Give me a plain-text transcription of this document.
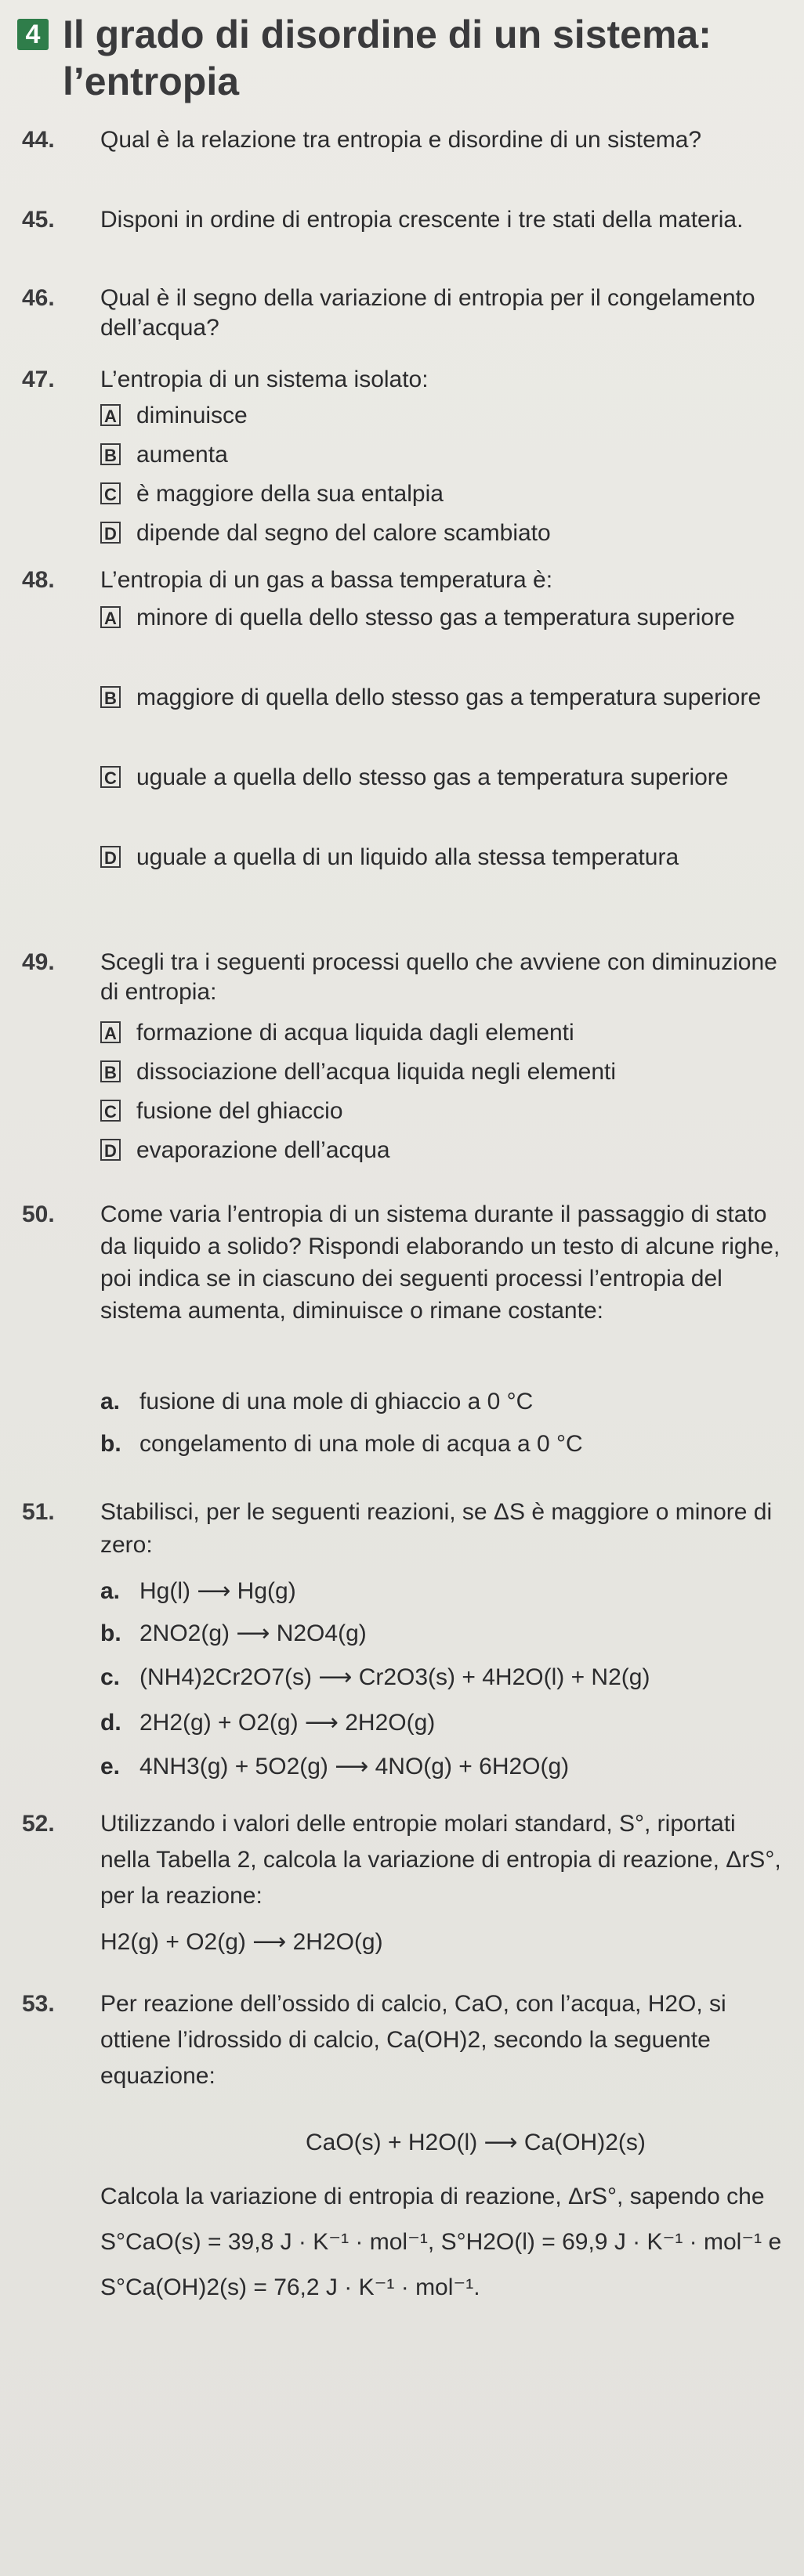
4 Il grado di disordine di un sistema: l’entropia
44. Qual è la relazione tra entropia e disordine di un sistema?
45. Disponi in ordine di entropia crescente i tre stati della materia.
46. Qual è il segno della variazione di entropia per il congelamento dell’acqua?
47. L’entropia di un sistema isolato:
A diminuisce
B aumenta
C è maggiore della sua entalpia
D dipende dal segno del calore scambiato
48. L’entropia di un gas a bassa temperatura è:
A minore di quella dello stesso gas a temperatura superiore
B maggiore di quella dello stesso gas a temperatura superiore
C uguale a quella dello stesso gas a temperatura superiore
D uguale a quella di un liquido alla stessa temperatura
49. Scegli tra i seguenti processi quello che avviene con diminuzione di entropia:
A formazione di acqua liquida dagli elementi
B dissociazione dell’acqua liquida negli elementi
C fusione del ghiaccio
D evaporazione dell’acqua
50. Come varia l’entropia di un sistema durante il passaggio di stato da liquido a solido? Rispondi elaborando un testo di alcune righe, poi indica se in ciascuno dei seguenti processi l’entropia del sistema aumenta, diminuisce o rimane costante:
a. fusione di una mole di ghiaccio a 0 °C
b. congelamento di una mole di acqua a 0 °C
51. Stabilisci, per le seguenti reazioni, se ΔS è maggiore o minore di zero:
a. Hg(l) ⟶ Hg(g)
b. 2NO2(g) ⟶ N2O4(g)
c. (NH4)2Cr2O7(s) ⟶ Cr2O3(s) + 4H2O(l) + N2(g)
d. 2H2(g) + O2(g) ⟶ 2H2O(g)
e. 4NH3(g) + 5O2(g) ⟶ 4NO(g) + 6H2O(g)
52. Utilizzando i valori delle entropie molari standard, S°, riportati nella Tabella 2, calcola la variazione di entropia di reazione, ΔrS°, per la reazione:
H2(g) + O2(g) ⟶ 2H2O(g)
53. Per reazione dell’ossido di calcio, CaO, con l’acqua, H2O, si ottiene l’idrossido di calcio, Ca(OH)2, secondo la seguente equazione:
CaO(s) + H2O(l) ⟶ Ca(OH)2(s)
Calcola la variazione di entropia di reazione, ΔrS°, sapendo che S°CaO(s) = 39,8 J · K⁻¹ · mol⁻¹, S°H2O(l) = 69,9 J · K⁻¹ · mol⁻¹ e S°Ca(OH)2(s) = 76,2 J · K⁻¹ · mol⁻¹.
